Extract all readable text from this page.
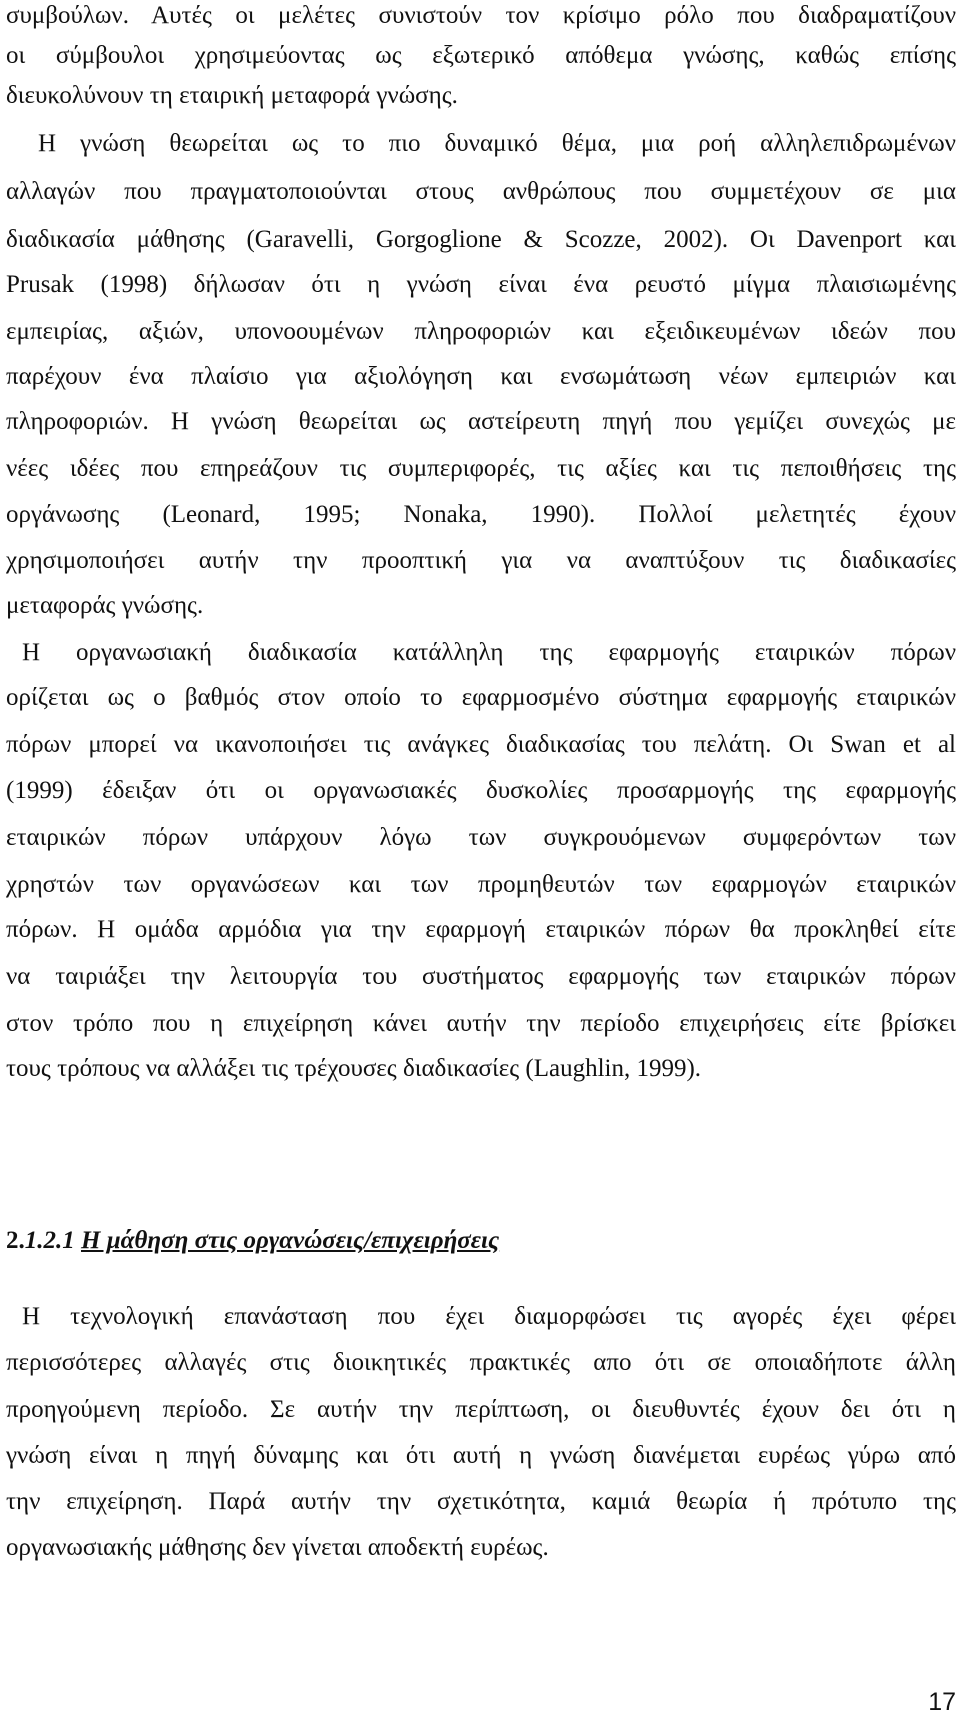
συμβούλων. Αυτές οι μελέτες συνιστούν τον κρίσιμο ρόλο που διαδραματίζουν
οι σύμβουλοι χρησιμεύοντας ως εξωτερικό απόθεμα γνώσης, καθώς επίσης
διευκολύνουν τη εταιρική μεταφορά γνώσης.
Η γνώση θεωρείται ως το πιο δυναμικό θέμα, μια ροή αλληλεπιδρωμένων
αλλαγών που πραγματοποιούνται στους ανθρώπους που συμμετέχουν σε μια
διαδικασία μάθησης (Garavelli, Gorgoglione & Scozze, 2002). Οι Davenport και
Prusak (1998) δήλωσαν ότι η γνώση είναι ένα ρευστό μίγμα πλαισιωμένης
εμπειρίας, αξιών, υπονοουμένων πληροφοριών και εξειδικευμένων ιδεών που
παρέχουν ένα πλαίσιο για αξιολόγηση και ενσωμάτωση νέων εμπειριών και
πληροφοριών. Η γνώση θεωρείται ως αστείρευτη πηγή που γεμίζει συνεχώς με
νέες ιδέες που επηρεάζουν τις συμπεριφορές, τις αξίες και τις πεποιθήσεις της
οργάνωσης (Leonard, 1995; Nonaka, 1990). Πολλοί μελετητές έχουν
χρησιμοποιήσει αυτήν την προοπτική για να αναπτύξουν τις διαδικασίες
μεταφοράς γνώσης.
Η οργανωσιακή διαδικασία κατάλληλη της εφαρμογής εταιρικών πόρων
ορίζεται ως ο βαθμός στον οποίο το εφαρμοσμένο σύστημα εφαρμογής εταιρικών
πόρων μπορεί να ικανοποιήσει τις ανάγκες διαδικασίας του πελάτη. Οι Swan et al
(1999) έδειξαν ότι οι οργανωσιακές δυσκολίες προσαρμογής της εφαρμογής
εταιρικών πόρων υπάρχουν λόγω των συγκρουόμενων συμφερόντων των
χρηστών των οργανώσεων και των προμηθευτών των εφαρμογών εταιρικών
πόρων. Η ομάδα αρμόδια για την εφαρμογή εταιρικών πόρων θα προκληθεί είτε
να ταιριάξει την λειτουργία του συστήματος εφαρμογής των εταιρικών πόρων
στον τρόπο που η επιχείρηση κάνει αυτήν την περίοδο επιχειρήσεις είτε βρίσκει
τους τρόπους να αλλάξει τις τρέχουσες διαδικασίες (Laughlin, 1999).
2.1.2.1 Η μάθηση στις οργανώσεις/επιχειρήσεις
Η τεχνολογική επανάσταση που έχει διαμορφώσει τις αγορές έχει φέρει
περισσότερες αλλαγές στις διοικητικές πρακτικές απο ότι σε οποιαδήποτε άλλη
προηγούμενη περίοδο. Σε αυτήν την περίπτωση, οι διευθυντές έχουν δει ότι η
γνώση είναι η πηγή δύναμης και ότι αυτή η γνώση διανέμεται ευρέως γύρω από
την επιχείρηση. Παρά αυτήν την σχετικότητα, καμιά θεωρία ή πρότυπο της
οργανωσιακής μάθησης δεν γίνεται αποδεκτή ευρέως.
17
